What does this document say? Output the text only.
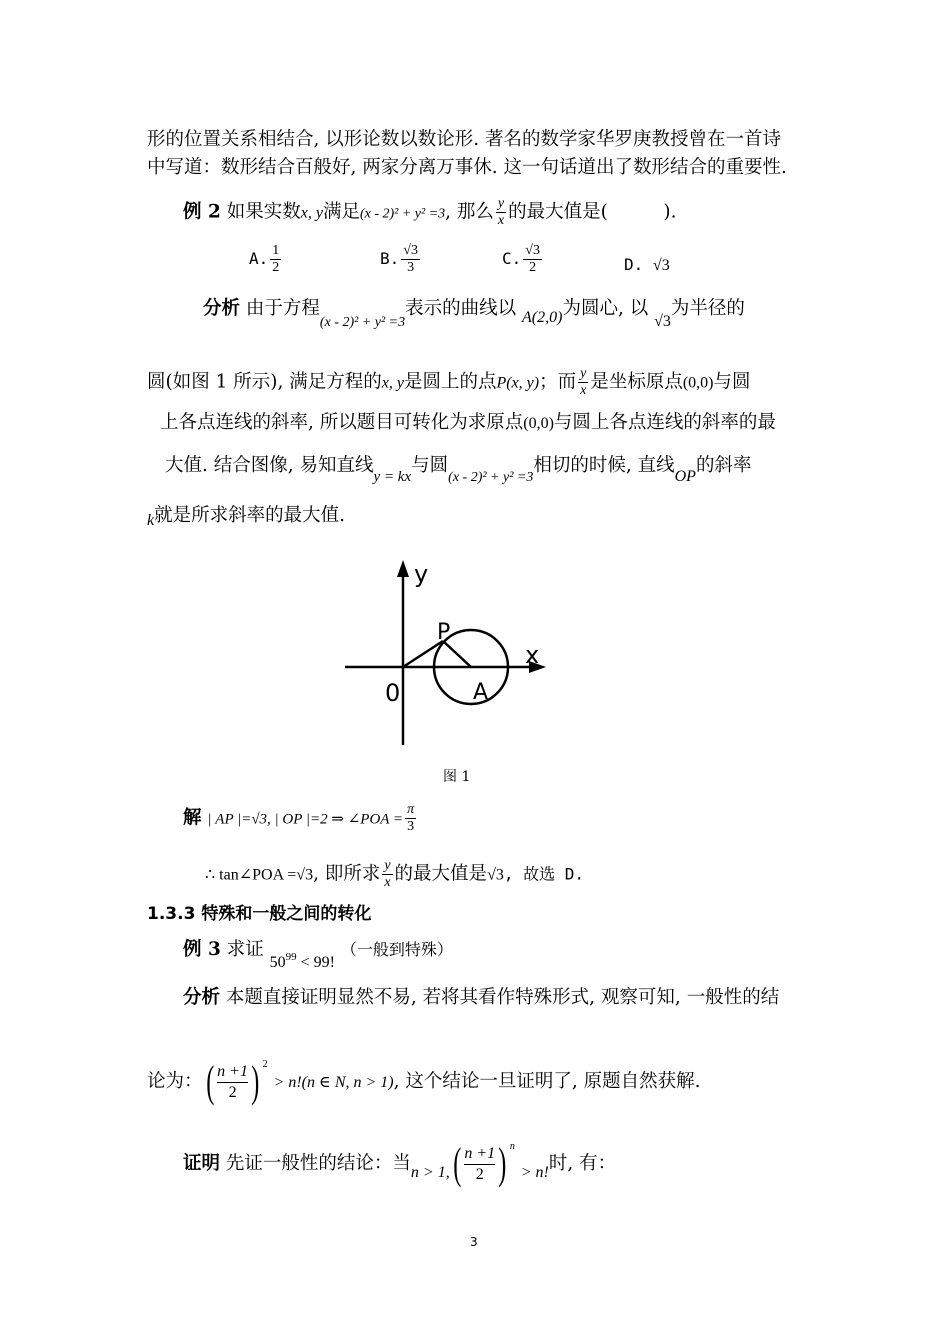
形的位置关系相结合, 以形论数以数论形. 著名的数学家华罗庚教授曾在一首诗
中写道：数形结合百般好, 两家分离万事休. 这一句话道出了数形结合的重要性.
例 2 如果实数x, y满足(x - 2)² + y² =3, 那么 $\frac{y}{x}$ 的最大值是(　　　).
A. $\frac{1}{2}$	B. $\frac{√3}{3}$	C. $\frac{√3}{2}$	D. √3
分析 由于方程$_{(x - 2)^2 + y^2 =3}$表示的曲线以 A(2,0)为圆心, 以 √3为半径的
圆(如图 1 所示), 满足方程的x, y是圆上的点P(x, y)；而 $\frac{y}{x}$ 是坐标原点(0,0)与圆
上各点连线的斜率, 所以题目可转化为求原点(0,0)与圆上各点连线的斜率的最
大值. 结合图像, 易知直线$_{y = kx}$与圆$_{(x - 2)^2 + y^2 =3}$相切的时候, 直线OP的斜率
k就是所求斜率的最大值.
y
x
0
P
A
图 1
解 | AP |=√3, | OP |=2 ⇒ ∠POA = $\frac{\pi}{3}$
∴ tan∠POA =√3, 即所求 $\frac{y}{x}$ 的最大值是√3, 故选 D.
1.3.3 特殊和一般之间的转化
例 3 求证 $50^{99} < 99$! （一般到特殊）
分析 本题直接证明显然不易, 若将其看作特殊形式, 观察可知, 一般性的结
论为：( $\frac{n +1}{2}$ ) $^2$ > n!(n ∈ N, n > 1), 这个结论一旦证明了, 原题自然获解.
证明 先证一般性的结论：当$n > 1,( \frac{n +1}{2}$ ) $^n$ > n!时, 有：
3
